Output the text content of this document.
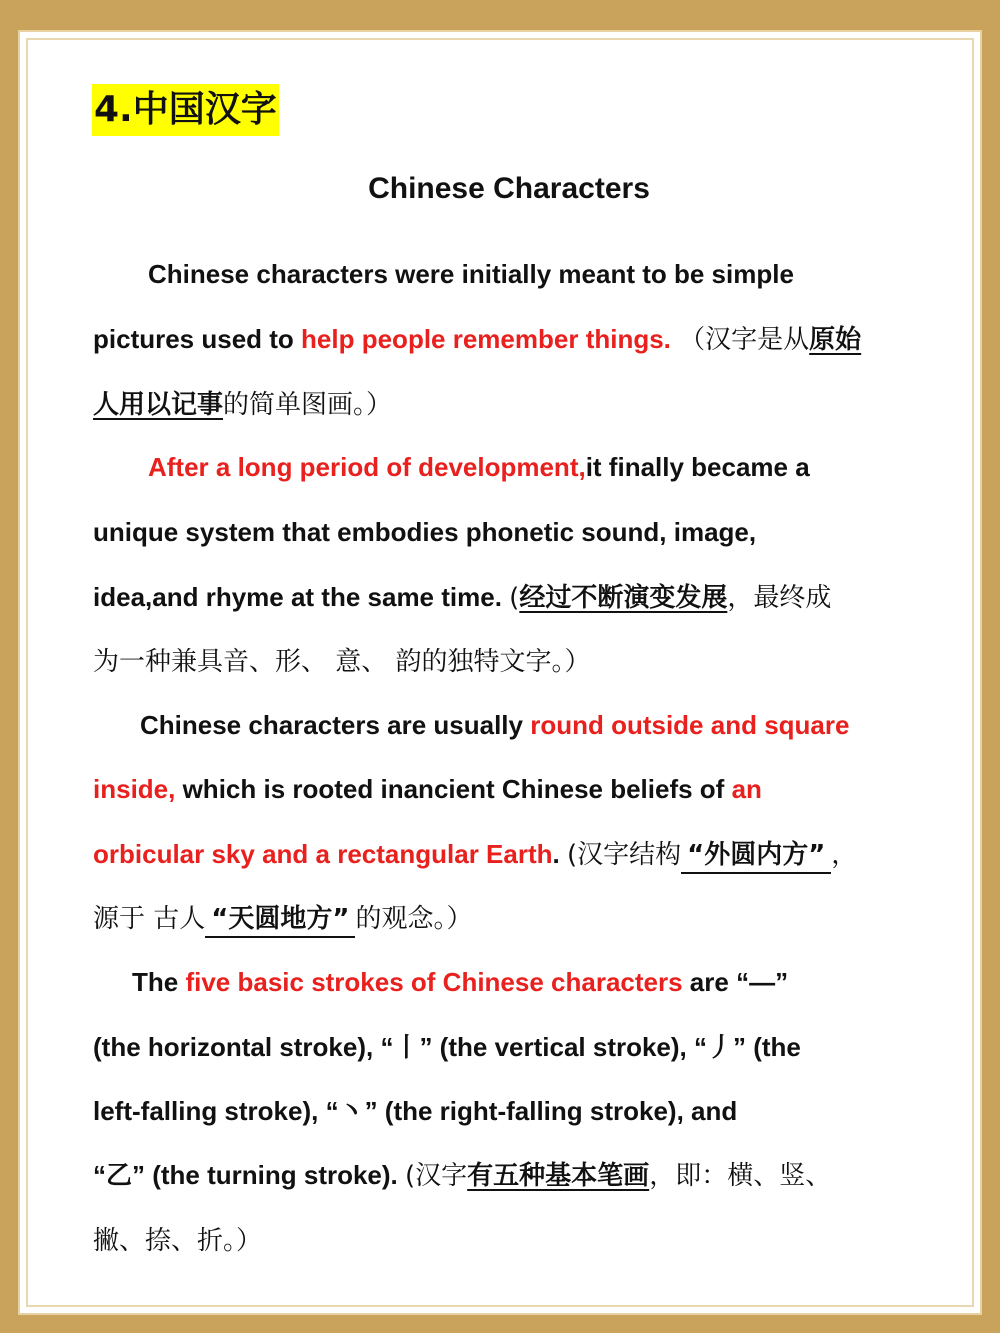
4.中国汉字
Chinese Characters
Chinese characters were initially meant to be simple
pictures used to help people remember things. （汉字是从原始
人用以记事的简单图画。）
After a long period of development,it finally became a
unique system that embodies phonetic sound, image,
idea,and rhyme at the same time. (经过不断演变发展，最终成
为一种兼具音、形、 意、 韵的独特文字。）
Chinese characters are usually round outside and square
inside, which is rooted inancient Chinese beliefs of an
orbicular sky and a rectangular Earth. (汉字结构 “外圆内方” ，
源于 古人 “天圆地方” 的观念。）
The five basic strokes of Chinese characters are “—”
(the horizontal stroke), “丨” (the vertical stroke), “丿” (the
left-falling stroke), “丶” (the right-falling stroke), and
“乙” (the turning stroke). (汉字有五种基本笔画，即：横、竖、
撇、捺、折。）
